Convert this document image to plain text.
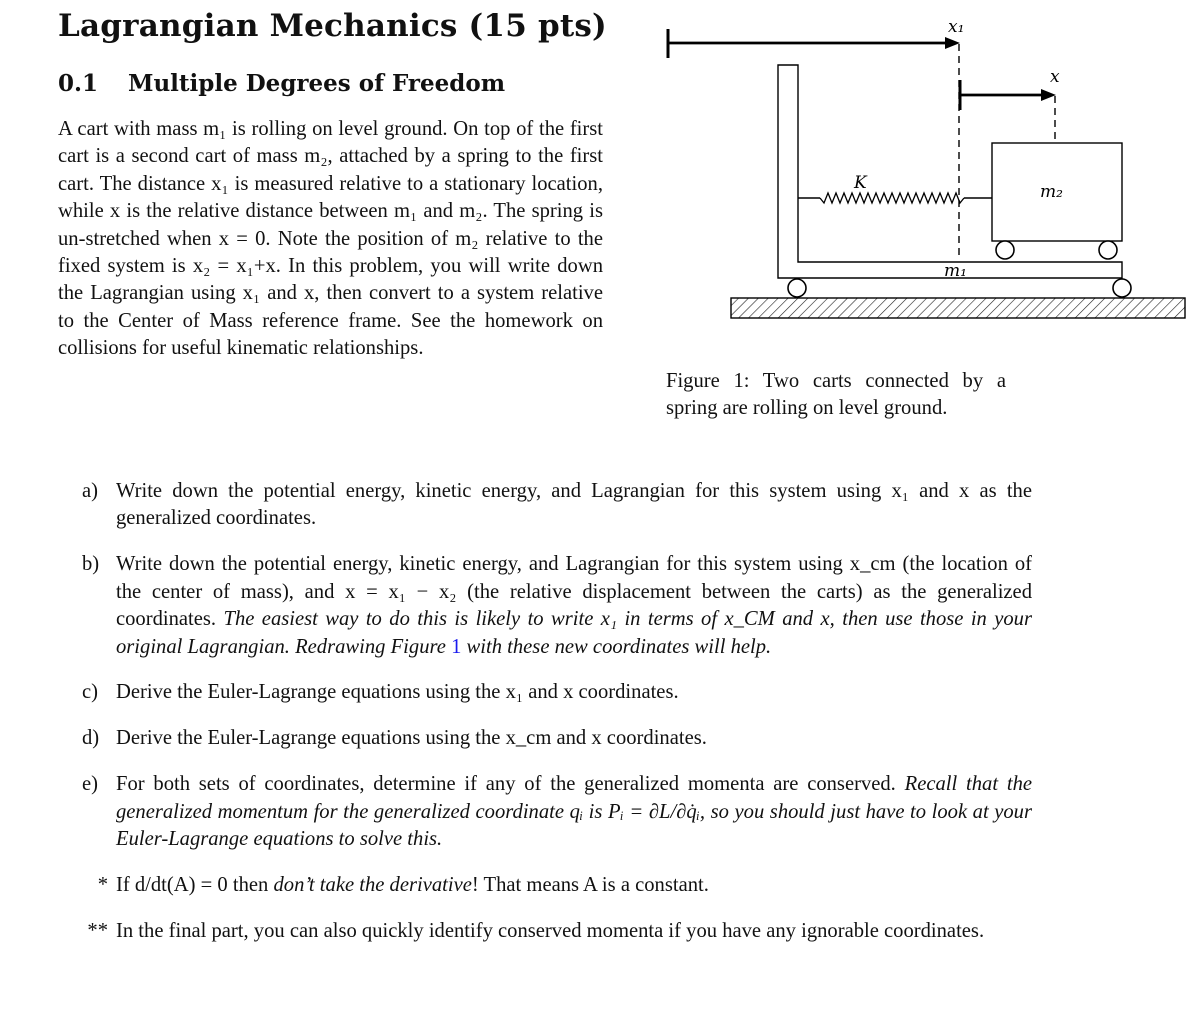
Lagrangian Mechanics (15 pts)
0.1 Multiple Degrees of Freedom

A cart with mass m₁ is rolling on level ground. On top of the first cart is a second cart of mass m₂, attached by a spring to the first cart. The distance x₁ is measured relative to a stationary location, while x is the relative distance between m₁ and m₂. The spring is un-stretched when x = 0. Note the position of m₂ relative to the fixed system is x₂ = x₁+x. In this problem, you will write down the Lagrangian using x₁ and x, then convert to a system relative to the Center of Mass reference frame. See the homework on collisions for useful kinematic relationships.

x₁
x
K	m₂
m₁

Figure 1: Two carts connected by a spring are rolling on level ground.

a) Write down the potential energy, kinetic energy, and Lagrangian for this system using x₁ and x as the generalized coordinates.
b) Write down the potential energy, kinetic energy, and Lagrangian for this system using x_cm (the location of the center of mass), and x = x₁ − x₂ (the relative displacement between the carts) as the generalized coordinates. The easiest way to do this is likely to write x₁ in terms of x_CM and x, then use those in your original Lagrangian. Redrawing Figure 1 with these new coordinates will help.
c) Derive the Euler-Lagrange equations using the x₁ and x coordinates.
d) Derive the Euler-Lagrange equations using the x_cm and x coordinates.
e) For both sets of coordinates, determine if any of the generalized momenta are conserved. Recall that the generalized momentum for the generalized coordinate qᵢ is Pᵢ = ∂L/∂q̇ᵢ, so you should just have to look at your Euler-Lagrange equations to solve this.
* If d/dt(A) = 0 then don’t take the derivative! That means A is a constant.
** In the final part, you can also quickly identify conserved momenta if you have any ignorable coordinates.
